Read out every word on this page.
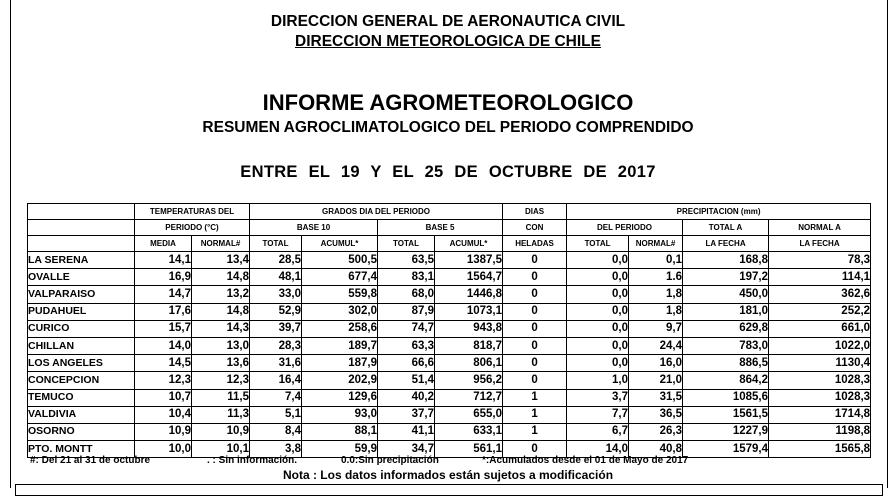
DIRECCION GENERAL DE AERONAUTICA CIVIL
DIRECCION METEOROLOGICA DE CHILE
INFORME AGROMETEOROLOGICO
RESUMEN AGROCLIMATOLOGICO DEL PERIODO COMPRENDIDO
ENTRE EL 19 Y EL 25 DE OCTUBRE DE 2017
	TEMPERATURAS DEL		GRADOS DIA DEL PERIODO				DIAS	PRECIPITACION (mm)			
	PERIODO (°C)		BASE 10		BASE 5		CON	DEL PERIODO		TOTAL A	NORMAL A
	MEDIA	NORMAL#	TOTAL	ACUMUL*	TOTAL	ACUMUL*	HELADAS	TOTAL	NORMAL#	LA FECHA	LA FECHA
LA SERENA	14,1	13,4	28,5	500,5	63,5	1387,5	0	0,0	0,1	168,8	78,3
OVALLE	16,9	14,8	48,1	677,4	83,1	1564,7	0	0,0	1.6	197,2	114,1
VALPARAISO	14,7	13,2	33,0	559,8	68,0	1446,8	0	0,0	1,8	450,0	362,6
PUDAHUEL	17,6	14,8	52,9	302,0	87,9	1073,1	0	0,0	1,8	181,0	252,2
CURICO	15,7	14,3	39,7	258,6	74,7	943,8	0	0,0	9,7	629,8	661,0
CHILLAN	14,0	13,0	28,3	189,7	63,3	818,7	0	0,0	24,4	783,0	1022,0
LOS ANGELES	14,5	13,6	31,6	187,9	66,6	806,1	0	0,0	16,0	886,5	1130,4
CONCEPCION	12,3	12,3	16,4	202,9	51,4	956,2	0	1,0	21,0	864,2	1028,3
TEMUCO	10,7	11,5	7,4	129,6	40,2	712,7	1	3,7	31,5	1085,6	1028,3
VALDIVIA	10,4	11,3	5,1	93,0	37,7	655,0	1	7,7	36,5	1561,5	1714,8
OSORNO	10,9	10,9	8,4	88,1	41,1	633,1	1	6,7	26,3	1227,9	1198,8
PTO. MONTT	10,0	10,1	3,8	59,9	34,7	561,1	0	14,0	40,8	1579,4	1565,8
#: Del 21 al 31 de octubre	. : Sin información.	0.0:Sin precipitación	*:Acumulados desde el 01 de Mayo de 2017
Nota : Los datos informados están sujetos a modificación
